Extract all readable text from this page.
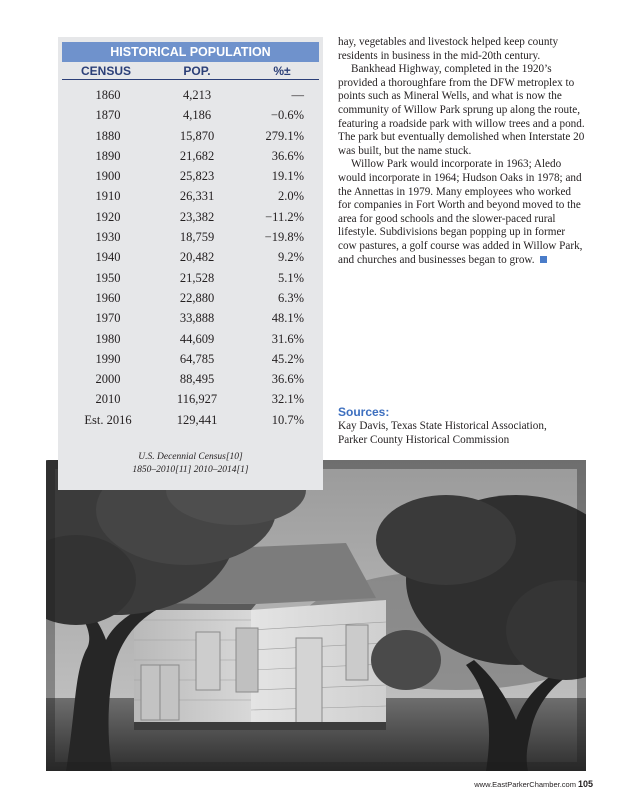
HISTORICAL POPULATION
CENSUS	POP.	%±
1860	4,213	—
1870	4,186	−0.6%
1880	15,870	279.1%
1890	21,682	36.6%
1900	25,823	19.1%
1910	26,331	2.0%
1920	23,382	−11.2%
1930	18,759	−19.8%
1940	20,482	9.2%
1950	21,528	5.1%
1960	22,880	6.3%
1970	33,888	48.1%
1980	44,609	31.6%
1990	64,785	45.2%
2000	88,495	36.6%
2010	116,927	32.1%
Est. 2016	129,441	10.7%
U.S. Decennial Census[10]
1850–2010[11] 2010–2014[1]

hay, vegetables and livestock helped keep county residents in business in the mid-20th century.

Bankhead Highway, completed in the 1920’s provided a thoroughfare from the DFW metroplex to points such as Mineral Wells, and what is now the community of Willow Park sprung up along the route, featuring a roadside park with willow trees and a pond. The park but eventually demolished when Interstate 20 was built, but the name stuck.

Willow Park would incorporate in 1963; Aledo would incorporate in 1964; Hudson Oaks in 1978; and the Annettas in 1979. Many employees who worked for companies in Fort Worth and beyond moved to the area for good schools and the slower-paced rural lifestyle. Subdivisions began popping up in former cow pastures, a golf course was added in Willow Park, and churches and businesses began to grow.

Sources:
Kay Davis, Texas State Historical Association,
Parker County Historical Commission
www.EastParkerChamber.com 105
